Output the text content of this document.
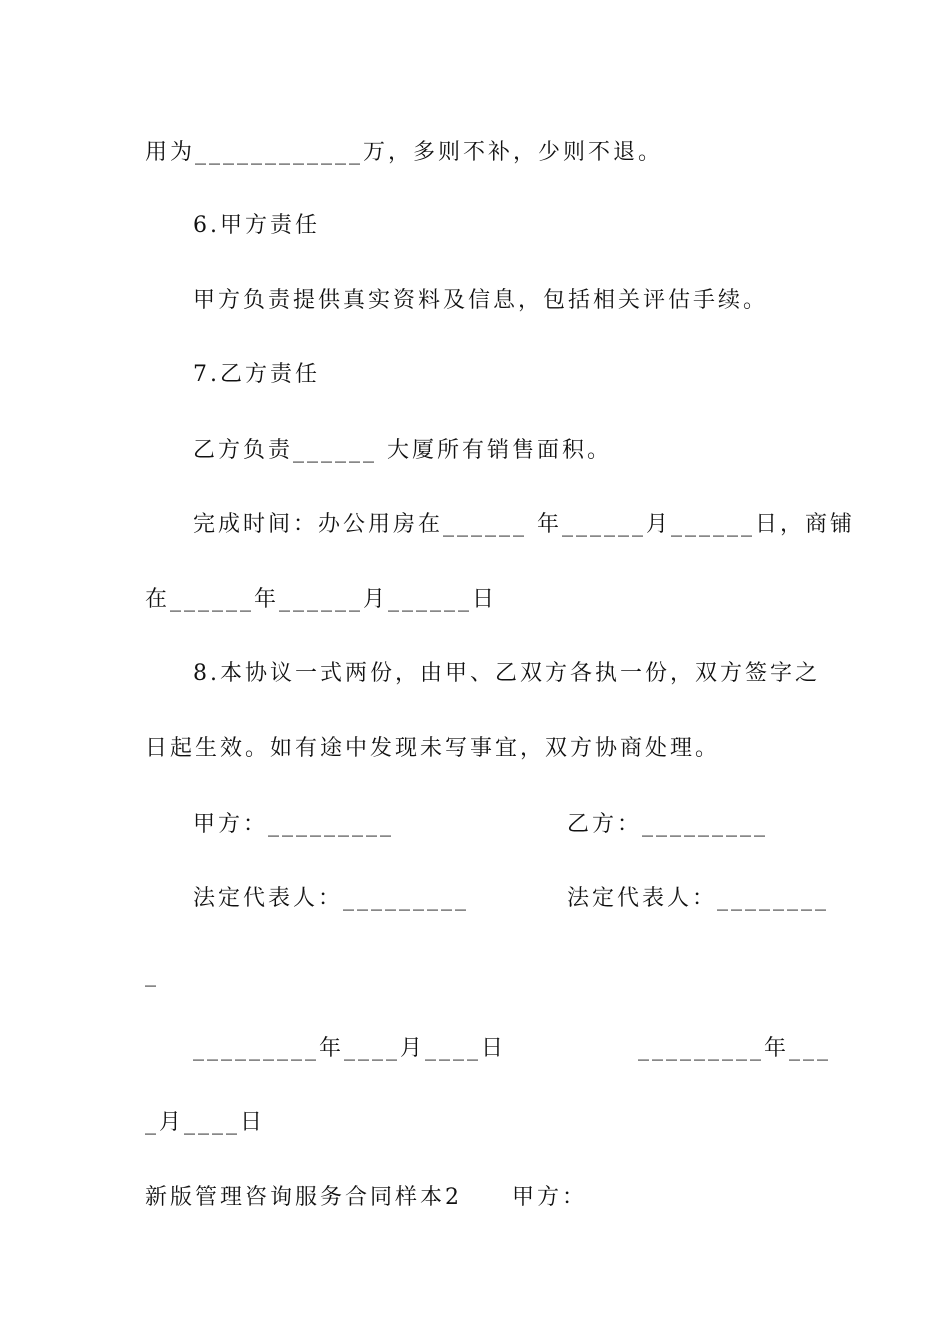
用为____________万，多则不补，少则不退。
6.甲方责任
甲方负责提供真实资料及信息，包括相关评估手续。
7.乙方责任
乙方负责______ 大厦所有销售面积。
完成时间：办公用房在______ 年______月______日，商铺
在______年______月______日
8.本协议一式两份，由甲、乙双方各执一份，双方签字之
日起生效。如有途中发现未写事宜，双方协商处理。
甲方：_________	乙方：_________
法定代表人：_________	法定代表人：________
_
_________年____月____日	_________年___
_月____日
新版管理咨询服务合同样本2　　甲方：
